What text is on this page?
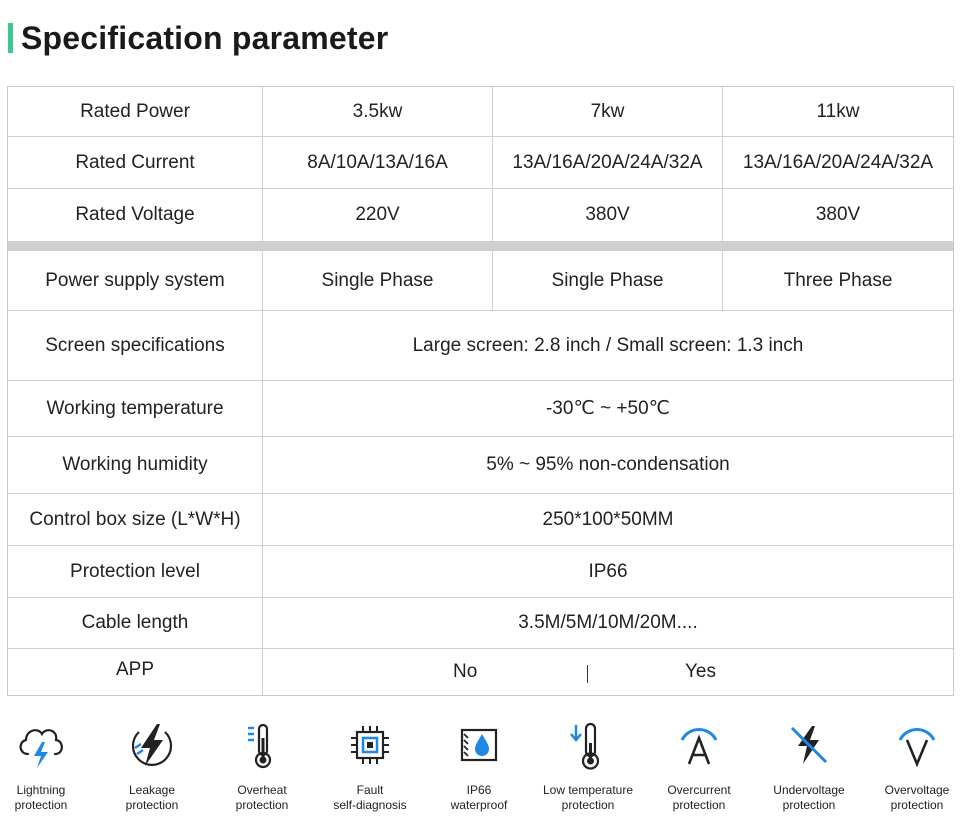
Specification parameter
Rated Power	3.5kw	7kw	11kw
Rated Current	8A/10A/13A/16A	13A/16A/20A/24A/32A	13A/16A/20A/24A/32A
Rated Voltage	220V	380V	380V
Power supply system	Single Phase	Single Phase	Three Phase
Screen specifications	Large screen: 2.8 inch / Small screen: 1.3 inch
Working temperature	-30℃ ~ +50℃
Working humidity	5% ~ 95% non-condensation
Control box size (L*W*H)	250*100*50MM
Protection level	IP66
Cable length	3.5M/5M/10M/20M....
APP	No	Yes
Lightning
protection
Leakage
protection
Overheat
protection
Fault
self-diagnosis
IP66
waterproof
Low temperature
protection
Overcurrent
protection
Undervoltage
protection
Overvoltage
protection
